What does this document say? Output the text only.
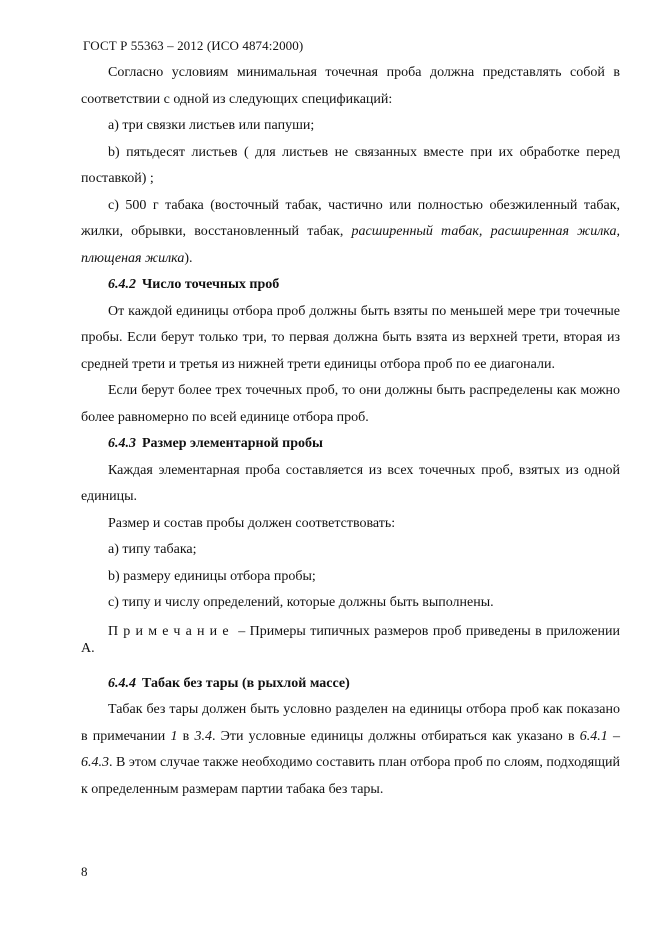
ГОСТ Р 55363 – 2012 (ИСО 4874:2000)

Согласно условиям минимальная точечная проба должна представлять собой в соответствии с одной из следующих спецификаций:

а) три связки листьев или папуши;

b) пятьдесят листьев ( для листьев не связанных вместе при их обработке перед поставкой) ;

с) 500 г табака (восточный табак, частично или полностью обезжиленный табак, жилки, обрывки, восстановленный табак, расширенный табак, расширенная жилка, плющеная жилка).

6.4.2 Число точечных проб

От каждой единицы отбора проб должны быть взяты по меньшей мере три точечные пробы. Если берут только три, то первая должна быть взята из верхней трети, вторая из средней трети и третья из нижней трети единицы отбора проб по ее диагонали.

Если берут более трех точечных проб, то они должны быть распределены как можно более равномерно по всей единице отбора проб.

6.4.3 Размер элементарной пробы

Каждая элементарная проба составляется из всех точечных проб, взятых из одной единицы.

Размер и состав пробы должен соответствовать:

а) типу табака;

b) размеру единицы отбора пробы;

с) типу и числу определений, которые должны быть выполнены.

Примечание – Примеры типичных размеров проб приведены в приложении А.

6.4.4 Табак без тары (в рыхлой массе)

Табак без тары должен быть условно разделен на единицы отбора проб как показано в примечании 1 в 3.4. Эти условные единицы должны отбираться как указано в 6.4.1 – 6.4.3. В этом случае также необходимо составить план отбора проб по слоям, подходящий к определенным размерам партии табака без тары.

8
